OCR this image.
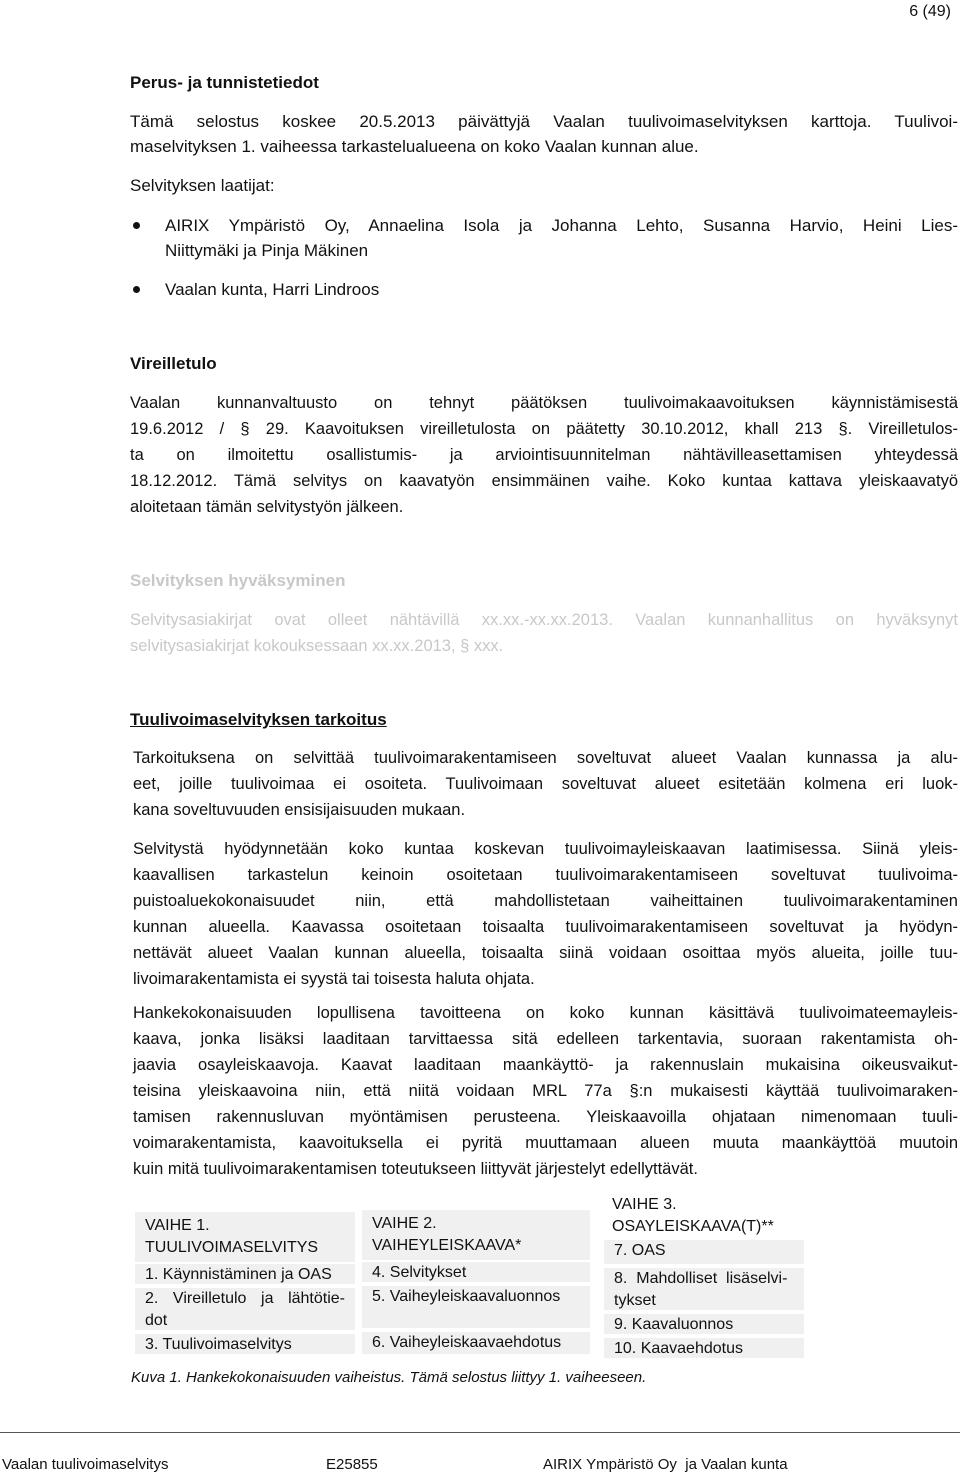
6 (49)
Perus- ja tunnistetiedot
Tämä selostus koskee 20.5.2013 päivättyjä Vaalan tuulivoimaselvityksen karttoja. Tuulivoi-
maselvityksen 1. vaiheessa tarkastelualueena on koko Vaalan kunnan alue.
Selvityksen laatijat:
AIRIX Ympäristö Oy, Annaelina Isola ja Johanna Lehto, Susanna Harvio, Heini Lies-
Niittymäki ja Pinja Mäkinen
Vaalan kunta, Harri Lindroos
Vireilletulo
Vaalan kunnanvaltuusto on tehnyt päätöksen tuulivoimakaavoituksen käynnistämisestä
19.6.2012 / § 29. Kaavoituksen vireilletulosta on päätetty 30.10.2012, khall 213 §. Vireilletulos-
ta on ilmoitettu osallistumis- ja arviointisuunnitelman nähtävilleasettamisen yhteydessä
18.12.2012. Tämä selvitys on kaavatyön ensimmäinen vaihe. Koko kuntaa kattava yleiskaavatyö
aloitetaan tämän selvitystyön jälkeen.
Selvityksen hyväksyminen
Selvitysasiakirjat ovat olleet nähtävillä xx.xx.-xx.xx.2013. Vaalan kunnanhallitus on hyväksynyt
selvitysasiakirjat kokouksessaan xx.xx.2013, § xxx.
Tuulivoimaselvityksen tarkoitus
Tarkoituksena on selvittää tuulivoimarakentamiseen soveltuvat alueet Vaalan kunnassa ja alu-
eet, joille tuulivoimaa ei osoiteta. Tuulivoimaan soveltuvat alueet esitetään kolmena eri luok-
kana soveltuvuuden ensisijaisuuden mukaan.
Selvitystä hyödynnetään koko kuntaa koskevan tuulivoimayleiskaavan laatimisessa. Siinä yleis-
kaavallisen tarkastelun keinoin osoitetaan tuulivoimarakentamiseen soveltuvat tuulivoima-
puistoaluekokonaisuudet niin, että mahdollistetaan vaiheittainen tuulivoimarakentaminen
kunnan alueella. Kaavassa osoitetaan toisaalta tuulivoimarakentamiseen soveltuvat ja hyödyn-
nettävät alueet Vaalan kunnan alueella, toisaalta siinä voidaan osoittaa myös alueita, joille tuu-
livoimarakentamista ei syystä tai toisesta haluta ohjata.
Hankekokonaisuuden lopullisena tavoitteena on koko kunnan käsittävä tuulivoimateemayleis-
kaava, jonka lisäksi laaditaan tarvittaessa sitä edelleen tarkentavia, suoraan rakentamista oh-
jaavia osayleiskaavoja. Kaavat laaditaan maankäyttö- ja rakennuslain mukaisina oikeusvaikut-
teisina yleiskaavoina niin, että niitä voidaan MRL 77a §:n mukaisesti käyttää tuulivoimaraken-
tamisen rakennusluvan myöntämisen perusteena. Yleiskaavoilla ohjataan nimenomaan tuuli-
voimarakentamista, kaavoituksella ei pyritä muuttamaan alueen muuta maankäyttöä muutoin
kuin mitä tuulivoimarakentamisen toteutukseen liittyvät järjestelyt edellyttävät.
VAIHE 1.
TUULIVOIMASELVITYS
1. Käynnistäminen ja OAS
2. Vireilletulo ja lähtötie-
dot
3. Tuulivoimaselvitys
VAIHE 2.
VAIHEYLEISKAAVA*
4. Selvitykset
5. Vaiheyleiskaavaluonnos
6. Vaiheyleiskaavaehdotus
VAIHE 3.
OSAYLEISKAAVA(T)**
7. OAS
8.  Mahdolliset  lisäselvi-
tykset
9. Kaavaluonnos
10. Kaavaehdotus
Kuva 1. Hankekokonaisuuden vaiheistus. Tämä selostus liittyy 1. vaiheeseen.
Vaalan tuulivoimaselvitys	E25855	AIRIX Ympäristö Oy  ja Vaalan kunta
